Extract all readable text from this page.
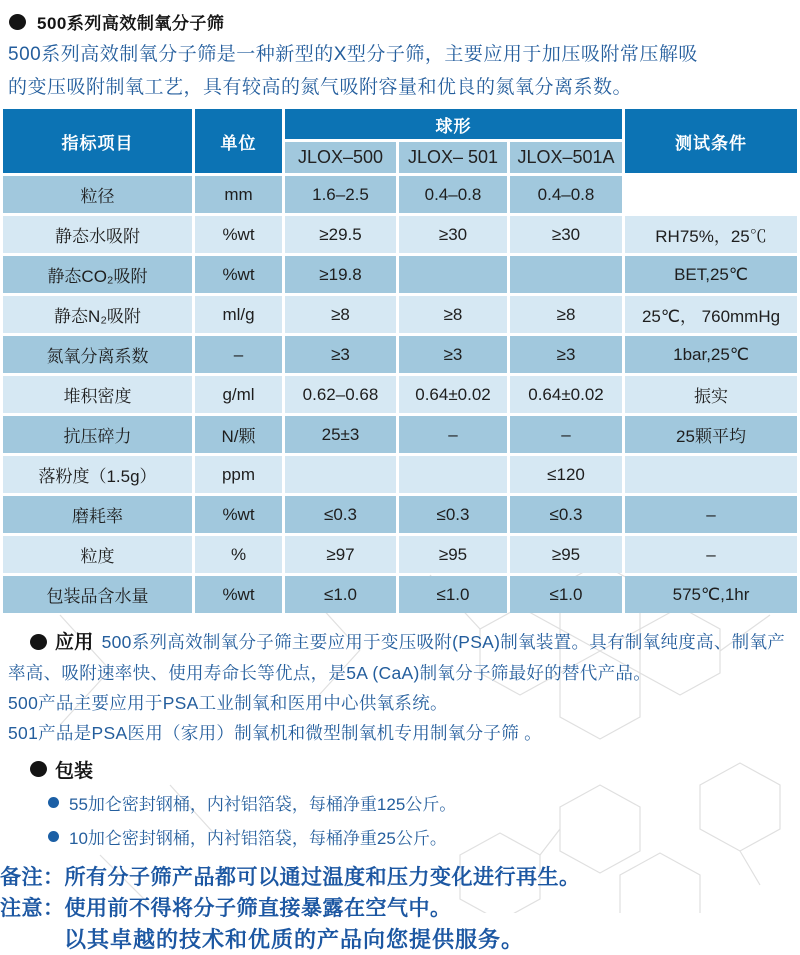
500系列高效制氧分子筛
500系列高效制氧分子筛是一种新型的X型分子筛，主要应用于加压吸附常压解吸
的变压吸附制氧工艺，具有较高的氮气吸附容量和优良的氮氧分离系数。
指标项目	单位	球形			测试条件
		JLOX–500	JLOX– 501	JLOX–501A	
粒径	mm	1.6–2.5	0.4–0.8	0.4–0.8	
静态水吸附	%wt	≥29.5	≥30	≥30	RH75%，25℃
静态CO₂吸附	%wt	≥19.8			BET,25℃
静态N₂吸附	ml/g	≥8	≥8	≥8	25℃， 760mmHg
氮氧分离系数	–	≥3	≥3	≥3	1bar,25℃
堆积密度	g/ml	0.62–0.68	0.64±0.02	0.64±0.02	振实
抗压碎力	N/颗	25±3	–	–	25颗平均
落粉度（1.5g）	ppm			≤120	
磨耗率	%wt	≤0.3	≤0.3	≤0.3	–
粒度	%	≥97	≥95	≥95	–
包装品含水量	%wt	≤1.0	≤1.0	≤1.0	575℃,1hr
应用 500系列高效制氧分子筛主要应用于变压吸附(PSA)制氧装置。具有制氧纯度高、制氧产率高、吸附速率快、使用寿命长等优点，是5A (CaA)制氧分子筛最好的替代产品。
500产品主要应用于PSA工业制氧和医用中心供氧系统。
501产品是PSA医用（家用）制氧机和微型制氧机专用制氧分子筛 。
包装
55加仑密封钢桶，内衬铝箔袋，每桶净重125公斤。
10加仑密封钢桶，内衬铝箔袋，每桶净重25公斤。
备注：所有分子筛产品都可以通过温度和压力变化进行再生。
注意：使用前不得将分子筛直接暴露在空气中。
以其卓越的技术和优质的产品向您提供服务。
